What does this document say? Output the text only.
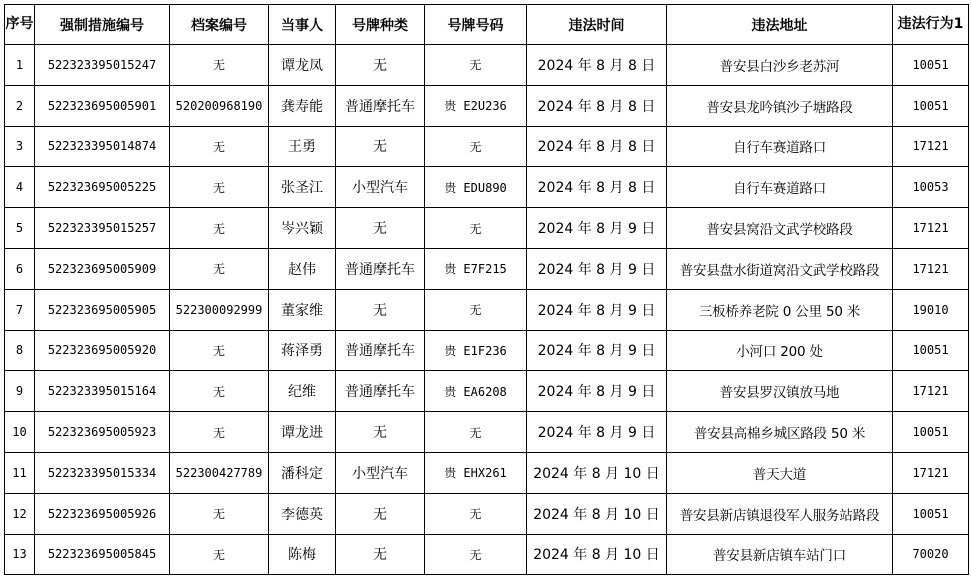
序号	强制措施编号	档案编号	当事人	号牌种类	号牌号码	违法时间	违法地址	违法行为1
1	522323395015247	无	谭龙凤	无	无	2024 年 8 月 8 日	普安县白沙乡老苏河	10051
2	522323695005901	520200968190	龚寿能	普通摩托车	贵 E2U236	2024 年 8 月 8 日	普安县龙吟镇沙子塘路段	10051
3	522323395014874	无	王勇	无	无	2024 年 8 月 8 日	自行车赛道路口	17121
4	522323695005225	无	张圣江	小型汽车	贵 EDU890	2024 年 8 月 8 日	自行车赛道路口	10053
5	522323395015257	无	岑兴颖	无	无	2024 年 8 月 9 日	普安县窝沿文武学校路段	17121
6	522323695005909	无	赵伟	普通摩托车	贵 E7F215	2024 年 8 月 9 日	普安县盘水街道窝沿文武学校路段	17121
7	522323695005905	522300092999	董家维	无	无	2024 年 8 月 9 日	三板桥养老院 0 公里 50 米	19010
8	522323695005920	无	蒋泽勇	普通摩托车	贵 E1F236	2024 年 8 月 9 日	小河口 200 处	10051
9	522323395015164	无	纪维	普通摩托车	贵 EA6208	2024 年 8 月 9 日	普安县罗汉镇放马地	17121
10	522323695005923	无	谭龙进	无	无	2024 年 8 月 9 日	普安县高棉乡城区路段 50 米	10051
11	522323395015334	522300427789	潘科定	小型汽车	贵 EHX261	2024 年 8 月 10 日	普天大道	17121
12	522323695005926	无	李德英	无	无	2024 年 8 月 10 日	普安县新店镇退役军人服务站路段	10051
13	522323695005845	无	陈梅	无	无	2024 年 8 月 10 日	普安县新店镇车站门口	70020
